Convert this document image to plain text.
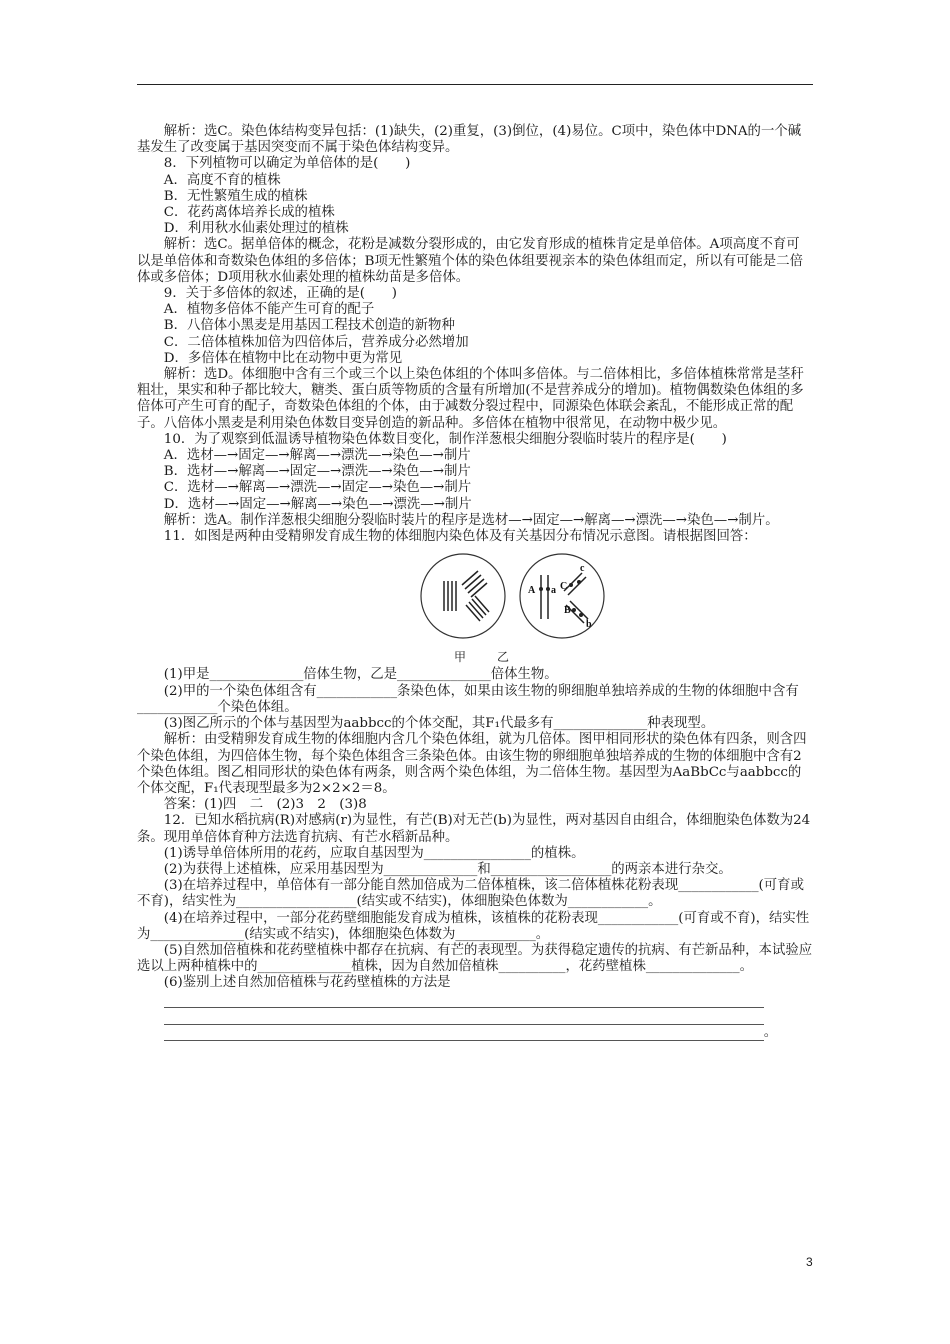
解析：选C。染色体结构变异包括：(1)缺失，(2)重复，(3)倒位，(4)易位。C项中，染色体中DNA的一个碱基发生了改变属于基因突变而不属于染色体结构变异。

8．下列植物可以确定为单倍体的是(　　)

A．高度不育的植株

B．无性繁殖生成的植株

C．花药离体培养长成的植株

D．利用秋水仙素处理过的植株

解析：选C。据单倍体的概念，花粉是减数分裂形成的，由它发育形成的植株肯定是单倍体。A项高度不育可以是单倍体和奇数染色体组的多倍体；B项无性繁殖个体的染色体组要视亲本的染色体组而定，所以有可能是二倍体或多倍体；D项用秋水仙素处理的植株幼苗是多倍体。

9．关于多倍体的叙述，正确的是(　　)

A．植物多倍体不能产生可育的配子

B．八倍体小黑麦是用基因工程技术创造的新物种

C．二倍体植株加倍为四倍体后，营养成分必然增加

D．多倍体在植物中比在动物中更为常见

解析：选D。体细胞中含有三个或三个以上染色体组的个体叫多倍体。与二倍体相比，多倍体植株常常是茎秆粗壮，果实和种子都比较大，糖类、蛋白质等物质的含量有所增加(不是营养成分的增加)。植物偶数染色体组的多倍体可产生可育的配子，奇数染色体组的个体，由于减数分裂过程中，同源染色体联会紊乱，不能形成正常的配子。八倍体小黑麦是利用染色体数目变异创造的新品种。多倍体在植物中很常见，在动物中极少见。

10．为了观察到低温诱导植物染色体数目变化，制作洋葱根尖细胞分裂临时装片的程序是(　　)

A．选材—→固定—→解离—→漂洗—→染色—→制片

B．选材—→解离—→固定—→漂洗—→染色—→制片

C．选材—→解离—→漂洗—→固定—→染色—→制片

D．选材—→固定—→解离—→染色—→漂洗—→制片

解析：选A。制作洋葱根尖细胞分裂临时装片的程序是选材—→固定—→解离—→漂洗—→染色—→制片。

11．如图是两种由受精卵发育成生物的体细胞内染色体及有关基因分布情况示意图。请根据图回答：

A a C
c
B
b

甲	乙

(1)甲是______________倍体生物，乙是______________倍体生物。

(2)甲的一个染色体组含有____________条染色体，如果由该生物的卵细胞单独培养成的生物的体细胞中含有____________个染色体组。

(3)图乙所示的个体与基因型为aabbcc的个体交配，其F₁代最多有______________种表现型。

解析：由受精卵发育成生物的体细胞内含几个染色体组，就为几倍体。图甲相同形状的染色体有四条，则含四个染色体组，为四倍体生物，每个染色体组含三条染色体。由该生物的卵细胞单独培养成的生物的体细胞中含有2个染色体组。图乙相同形状的染色体有两条，则含两个染色体组，为二倍体生物。基因型为AaBbCc与aabbcc的个体交配，F₁代表现型最多为2×2×2＝8。

答案：(1)四　二　(2)3　2　(3)8

12．已知水稻抗病(R)对感病(r)为显性，有芒(B)对无芒(b)为显性，两对基因自由组合，体细胞染色体数为24条。现用单倍体育种方法选育抗病、有芒水稻新品种。

(1)诱导单倍体所用的花药，应取自基因型为________________的植株。

(2)为获得上述植株，应采用基因型为______________和__________________的两亲本进行杂交。

(3)在培养过程中，单倍体有一部分能自然加倍成为二倍体植株，该二倍体植株花粉表现____________(可育或不育)，结实性为__________________(结实或不结实)，体细胞染色体数为____________。

(4)在培养过程中，一部分花药壁细胞能发育成为植株，该植株的花粉表现____________(可育或不育)，结实性为______________(结实或不结实)，体细胞染色体数为____________。

(5)自然加倍植株和花药壁植株中都存在抗病、有芒的表现型。为获得稳定遗传的抗病、有芒新品种，本试验应选以上两种植株中的______________植株，因为自然加倍植株__________，花药壁植株______________。

(6)鉴别上述自然加倍植株与花药壁植株的方法是

。
3
